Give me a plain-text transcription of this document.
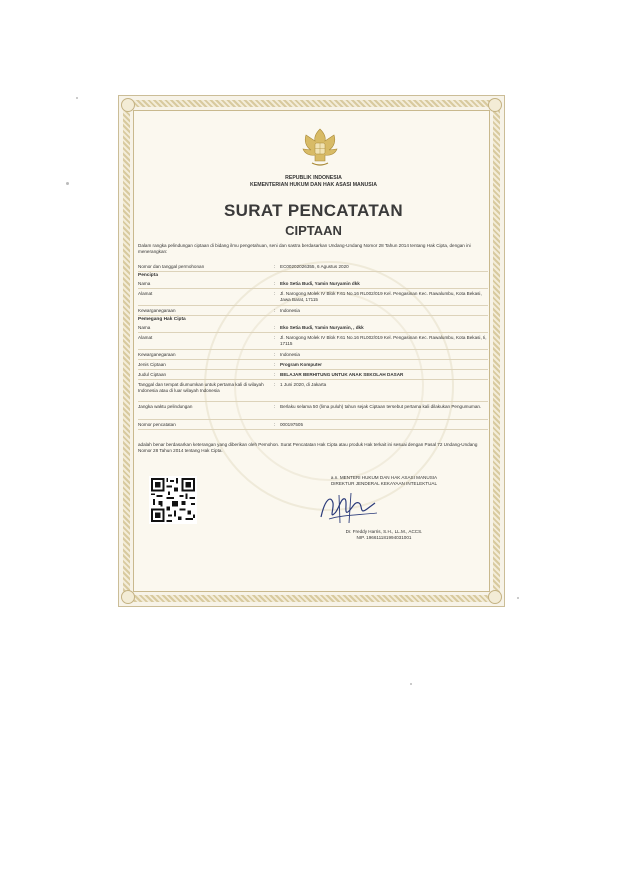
REPUBLIK INDONESIA
KEMENTERIAN HUKUM DAN HAK ASASI MANUSIA
SURAT PENCATATAN
CIPTAAN
Dalam rangka pelindungan ciptaan di bidang ilmu pengetahuan, seni dan sastra berdasarkan Undang-Undang Nomor 28 Tahun 2014 tentang Hak Cipta, dengan ini menerangkan:
Nomor dan tanggal permohonan	: EC00202026355, 6 Agustus 2020
Pencipta
Nama	: Eko Setia Budi, Yamin Nuryamin dkk
Alamat	: Jl. Narogong Molek IV Blok F.61 No.16 RL002/019 Kel. Pengasinan Kec. Rawalumbu, Kota Bekasi, Jawa Barat, 17115
Kewarganegaraan	: Indonesia
Pemegang Hak Cipta
Nama	: Eko Setia Budi, Yamin Nuryamin, , dkk
Alamat	: Jl. Narogong Molek IV Blok F.61 No.16 RL002/019 Kel. Pengasinan Kec. Rawalumbu, Kota Bekasi, Ii, 17115
Kewarganegaraan	: Indonesia
Jenis Ciptaan	: Program Komputer
Judul Ciptaan	: BELAJAR BERHITUNG UNTUK ANAK SEKOLAH DASAR
Tanggal dan tempat diumumkan untuk pertama kali di wilayah Indonesia atau di luar wilayah Indonesia
: 1 Juni 2020, di Jakarta
Jangka waktu pelindungan	: Berlaku selama 50 (lima puluh) tahun sejak Ciptaan tersebut pertama kali dilakukan Pengumuman.
Nomor pencatatan	: 000197505
adalah benar berdasarkan keterangan yang diberikan oleh Pemohon. Surat Pencatatan Hak Cipta atau produk Hak terkait ini sesuai dengan Pasal 72 Undang-Undang Nomor 28 Tahun 2014 tentang Hak Cipta.
a.n. MENTERI HUKUM DAN HAK ASASI MANUSIA
DIREKTUR JENDERAL KEKAYAAN INTELEKTUAL
Dr. Freddy Harris, S.H., LL.M., ACCS.
NIP. 196611181994031001
